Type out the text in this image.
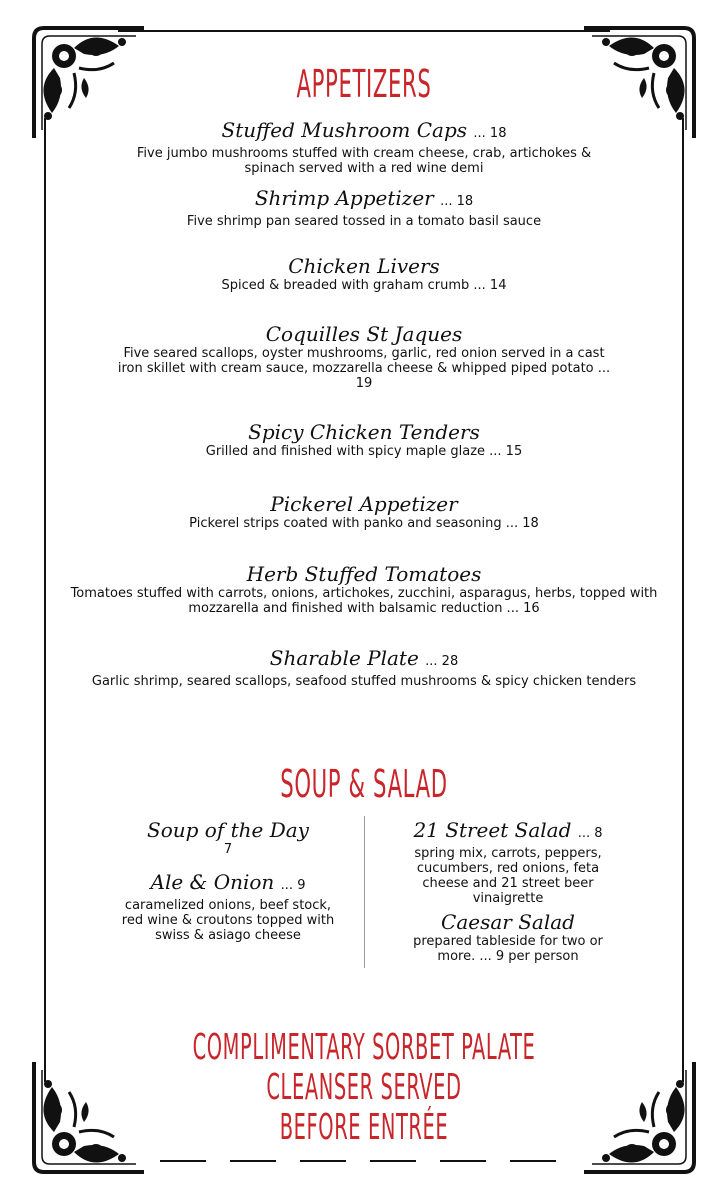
APPETIZERS
Stuffed Mushroom Caps ... 18
Five jumbo mushrooms stuffed with cream cheese, crab, artichokes & spinach served with a red wine demi
Shrimp Appetizer ... 18
Five shrimp pan seared tossed in a tomato basil sauce
Chicken Livers
Spiced & breaded with graham crumb ... 14
Coquilles St Jaques
Five seared scallops, oyster mushrooms, garlic, red onion served in a cast iron skillet with cream sauce, mozzarella cheese & whipped piped potato ... 19
Spicy Chicken Tenders
Grilled and finished with spicy maple glaze ... 15
Pickerel Appetizer
Pickerel strips coated with panko and seasoning ... 18
Herb Stuffed Tomatoes
Tomatoes stuffed with carrots, onions, artichokes, zucchini, asparagus, herbs, topped with mozzarella and finished with balsamic reduction ... 16
Sharable Plate ... 28
Garlic shrimp, seared scallops, seafood stuffed mushrooms & spicy chicken tenders
SOUP & SALAD
Soup of the Day
7
Ale & Onion ... 9
caramelized onions, beef stock, red wine & croutons topped with swiss & asiago cheese
21 Street Salad ... 8
spring mix, carrots, peppers, cucumbers, red onions, feta cheese and 21 street beer vinaigrette
Caesar Salad
prepared tableside for two or more. ... 9 per person
COMPLIMENTARY SORBET PALATE CLEANSER SERVED
BEFORE ENTRÉE
